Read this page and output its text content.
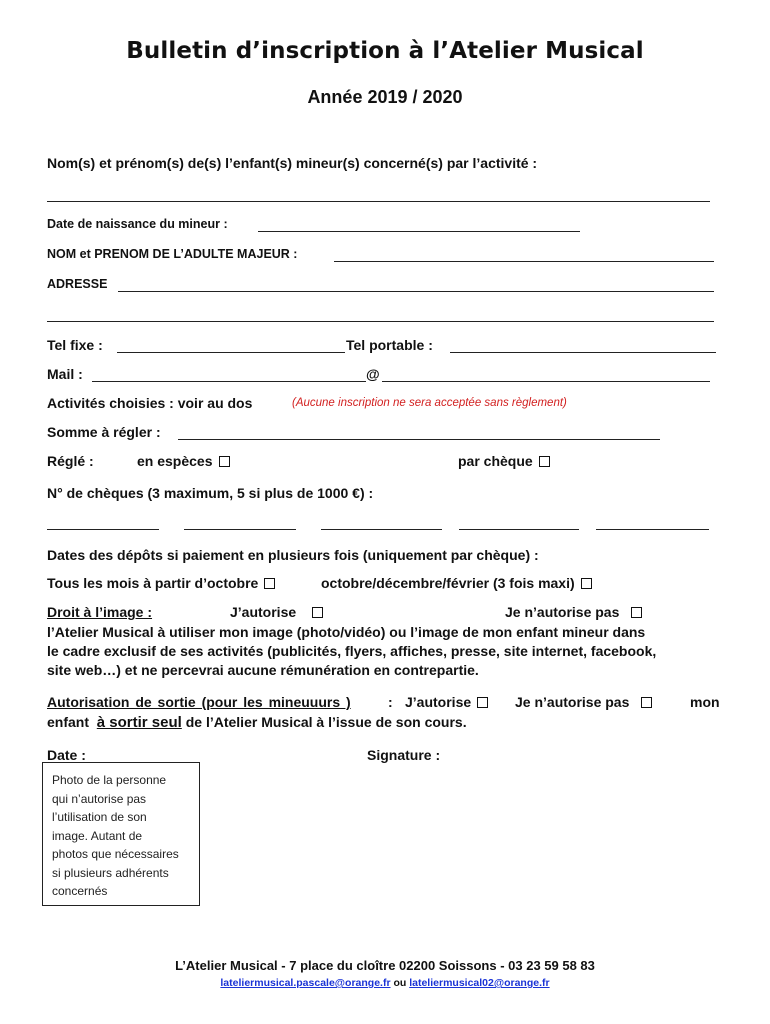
Bulletin d’inscription à l’Atelier Musical
Année 2019 / 2020
Nom(s) et prénom(s) de(s) l’enfant(s) mineur(s) concerné(s) par l’activité :
Date de naissance du mineur :
NOM et PRENOM DE L’ADULTE MAJEUR :
ADRESSE
Tel fixe :	Tel portable :
Mail :	@
Activités choisies : voir au dos	(Aucune inscription ne sera acceptée sans règlement)
Somme à régler :
Réglé :	en espèces	par chèque
N° de chèques (3 maximum, 5 si plus de 1000 €) :
Dates des dépôts si paiement en plusieurs fois (uniquement par chèque) :
Tous les mois à partir d’octobre	octobre/décembre/février (3 fois maxi)
Droit à l’image :	J’autorise	Je n’autorise pas
l’Atelier Musical à utiliser mon image (photo/vidéo) ou l’image de mon enfant mineur dans
le cadre exclusif de ses activités (publicités, flyers, affiches, presse, site internet, facebook,
site web…) et ne percevrai aucune rémunération en contrepartie.
Autorisation de sortie (pour les mineuuurs )	: J’autorise	Je n’autorise pas	mon
enfant à sortir seul de l’Atelier Musical à l’issue de son cours.
Date :	Signature :
Photo de la personne
qui n’autorise pas
l’utilisation de son
image. Autant de
photos que nécessaires
si plusieurs adhérents
concernés
L’Atelier Musical - 7 place du cloître 02200 Soissons - 03 23 59 58 83
lateliermusical.pascale@orange.fr ou lateliermusical02@orange.fr
